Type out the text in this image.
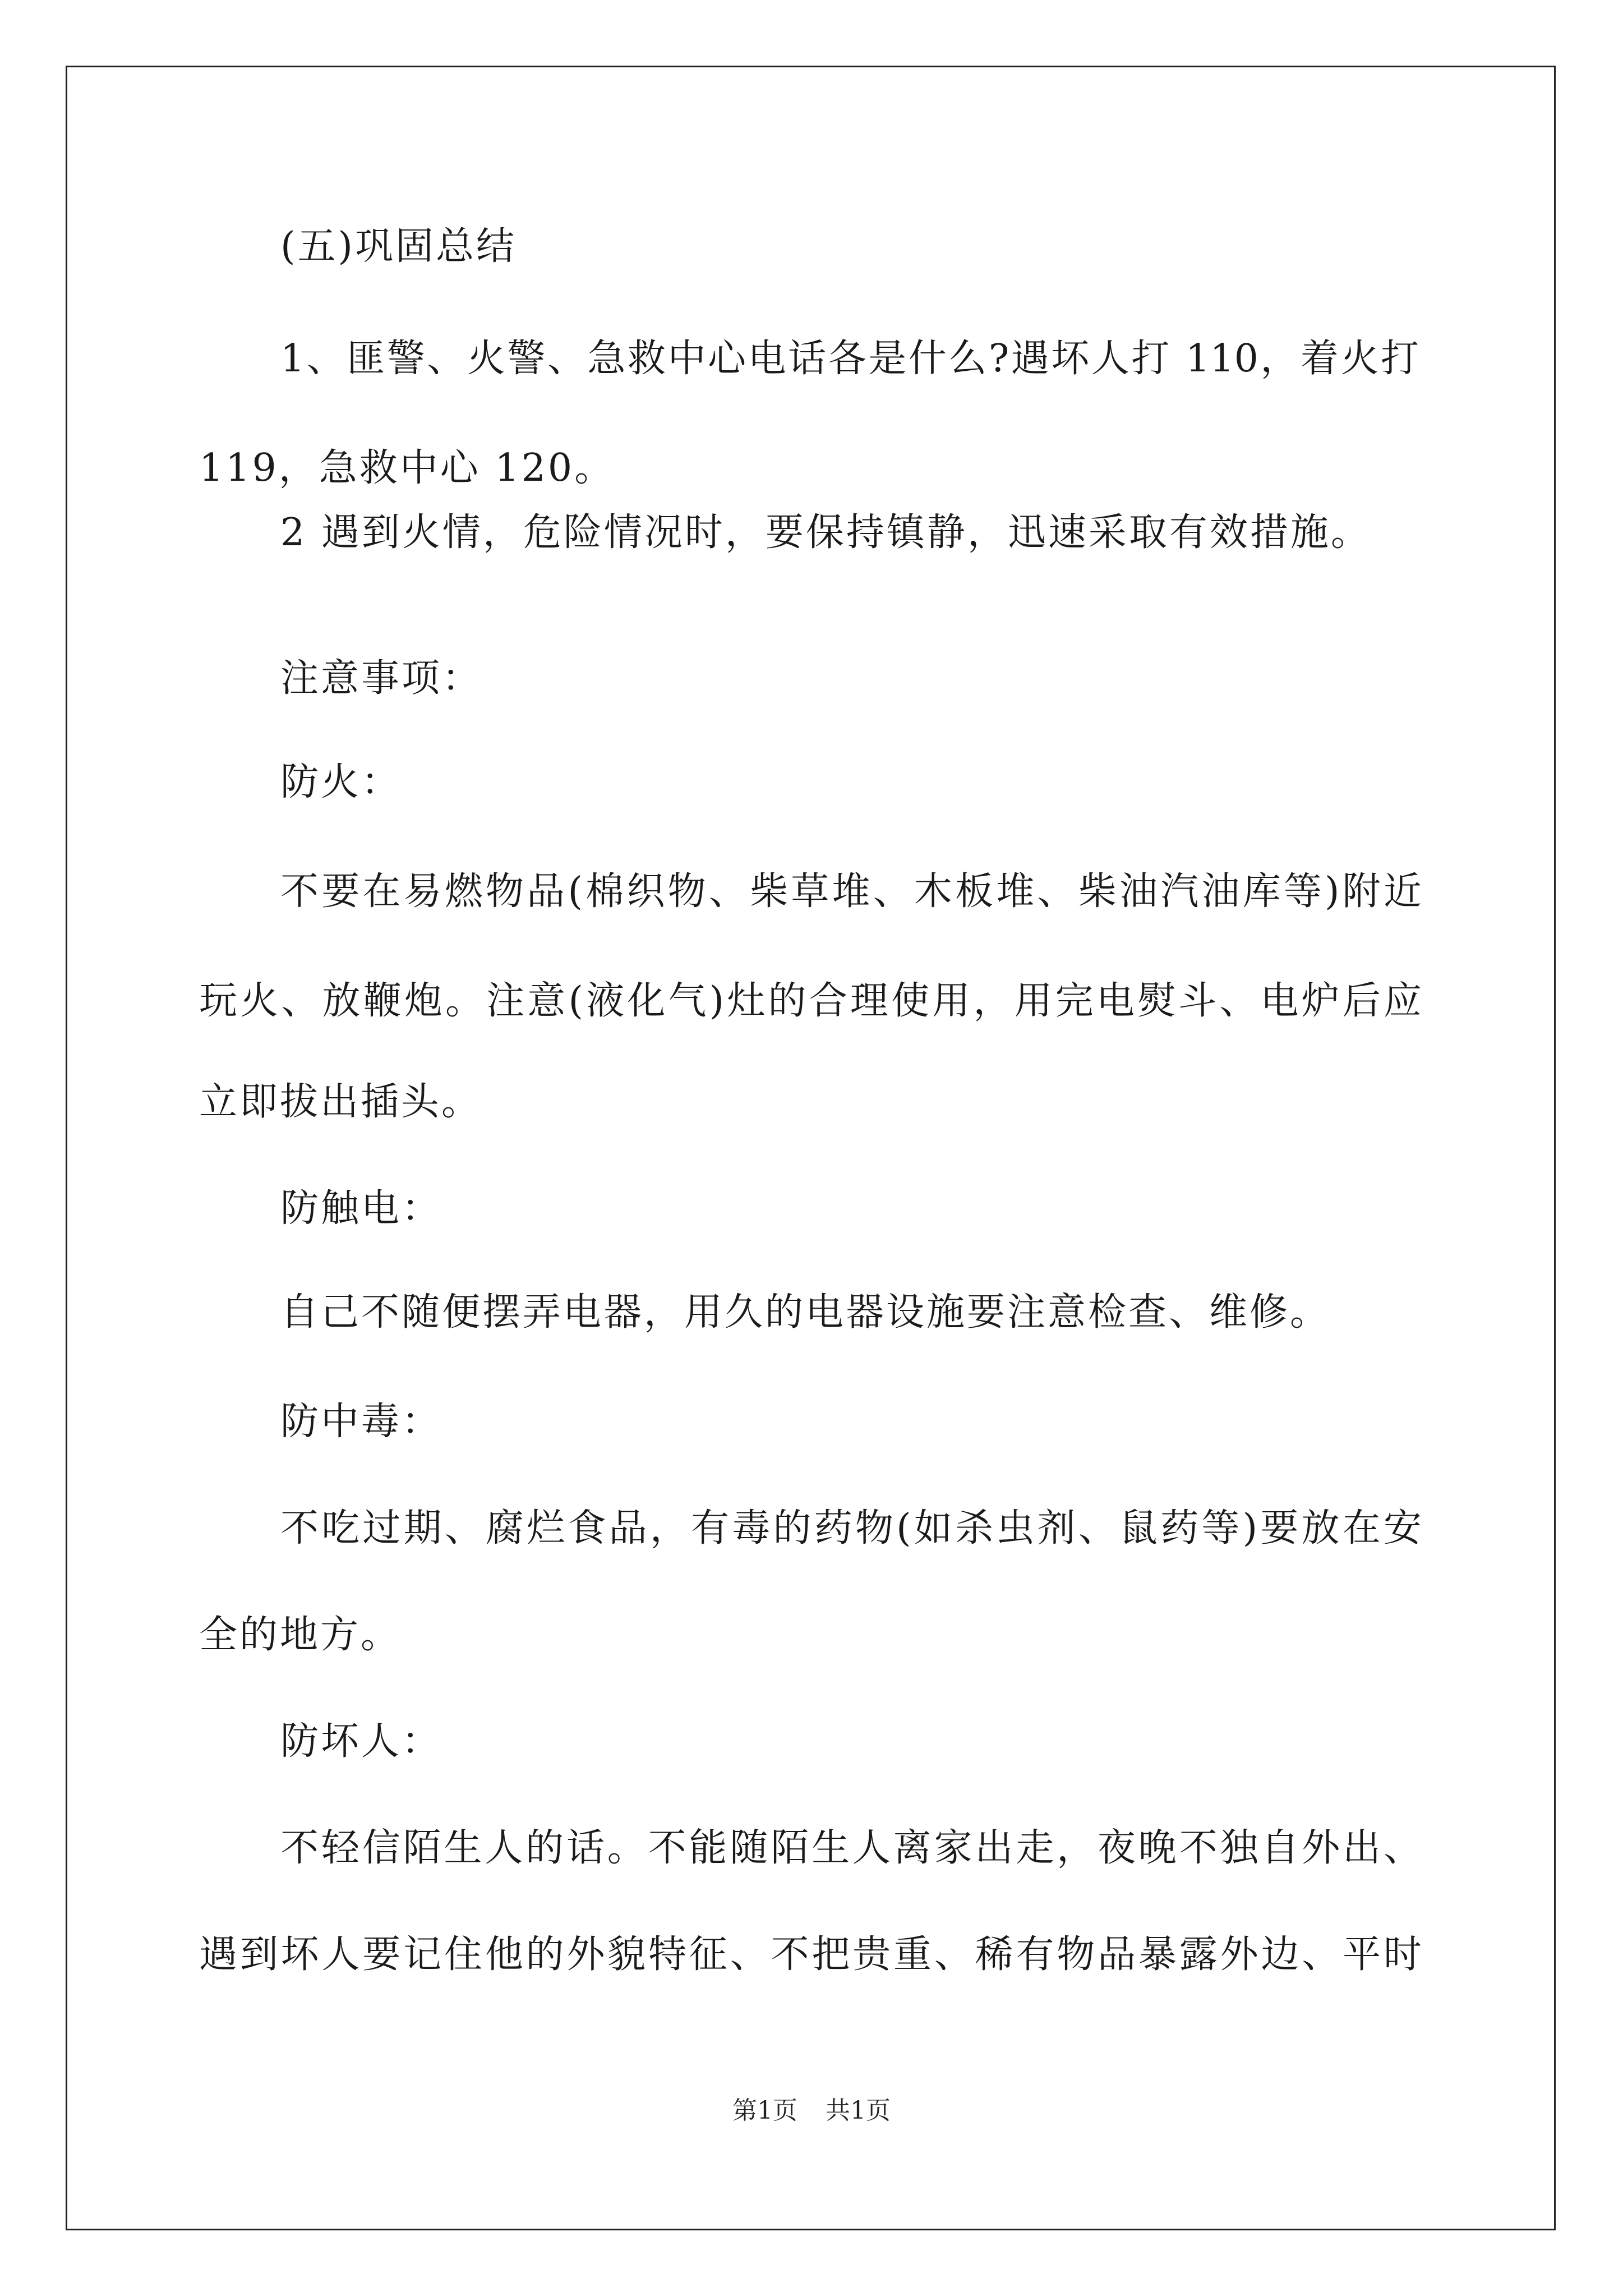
(五)巩固总结
1、匪警、火警、急救中心电话各是什么?遇坏人打 110，着火打
119，急救中心 120。
2 遇到火情，危险情况时，要保持镇静，迅速采取有效措施。
注意事项：
防火：
不要在易燃物品(棉织物、柴草堆、木板堆、柴油汽油库等)附近
玩火、放鞭炮。注意(液化气)灶的合理使用，用完电熨斗、电炉后应
立即拔出插头。
防触电：
自己不随便摆弄电器，用久的电器设施要注意检查、维修。
防中毒：
不吃过期、腐烂食品，有毒的药物(如杀虫剂、鼠药等)要放在安
全的地方。
防坏人：
不轻信陌生人的话。不能随陌生人离家出走，夜晚不独自外出、
遇到坏人要记住他的外貌特征、不把贵重、稀有物品暴露外边、平时
第1页 共1页
